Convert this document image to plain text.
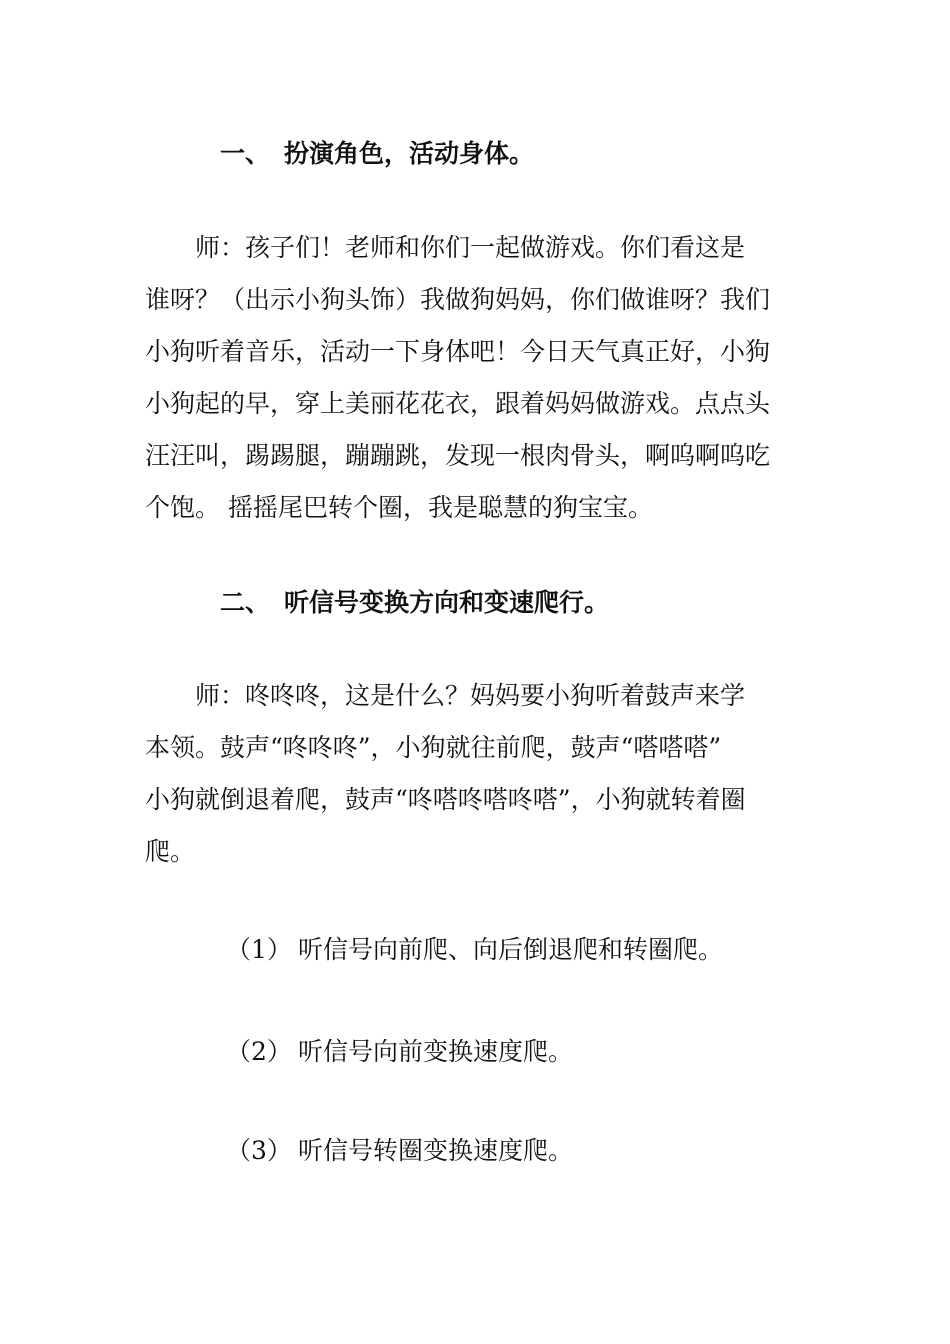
一、 扮演角色，活动身体。
　　师：孩子们！老师和你们一起做游戏。你们看这是
谁呀？（出示小狗头饰）我做狗妈妈，你们做谁呀？我们
小狗听着音乐，活动一下身体吧！今日天气真正好，小狗
小狗起的早，穿上美丽花花衣，跟着妈妈做游戏。点点头
汪汪叫，踢踢腿，蹦蹦跳，发现一根肉骨头，啊呜啊呜吃
个饱。 摇摇尾巴转个圈，我是聪慧的狗宝宝。
二、 听信号变换方向和变速爬行。
　　师：咚咚咚，这是什么？妈妈要小狗听着鼓声来学
本领。鼓声“咚咚咚”，小狗就往前爬，鼓声“嗒嗒嗒”
小狗就倒退着爬，鼓声“咚嗒咚嗒咚嗒”，小狗就转着圈
爬。

（1） 听信号向前爬、向后倒退爬和转圈爬。

（2） 听信号向前变换速度爬。

（3） 听信号转圈变换速度爬。
